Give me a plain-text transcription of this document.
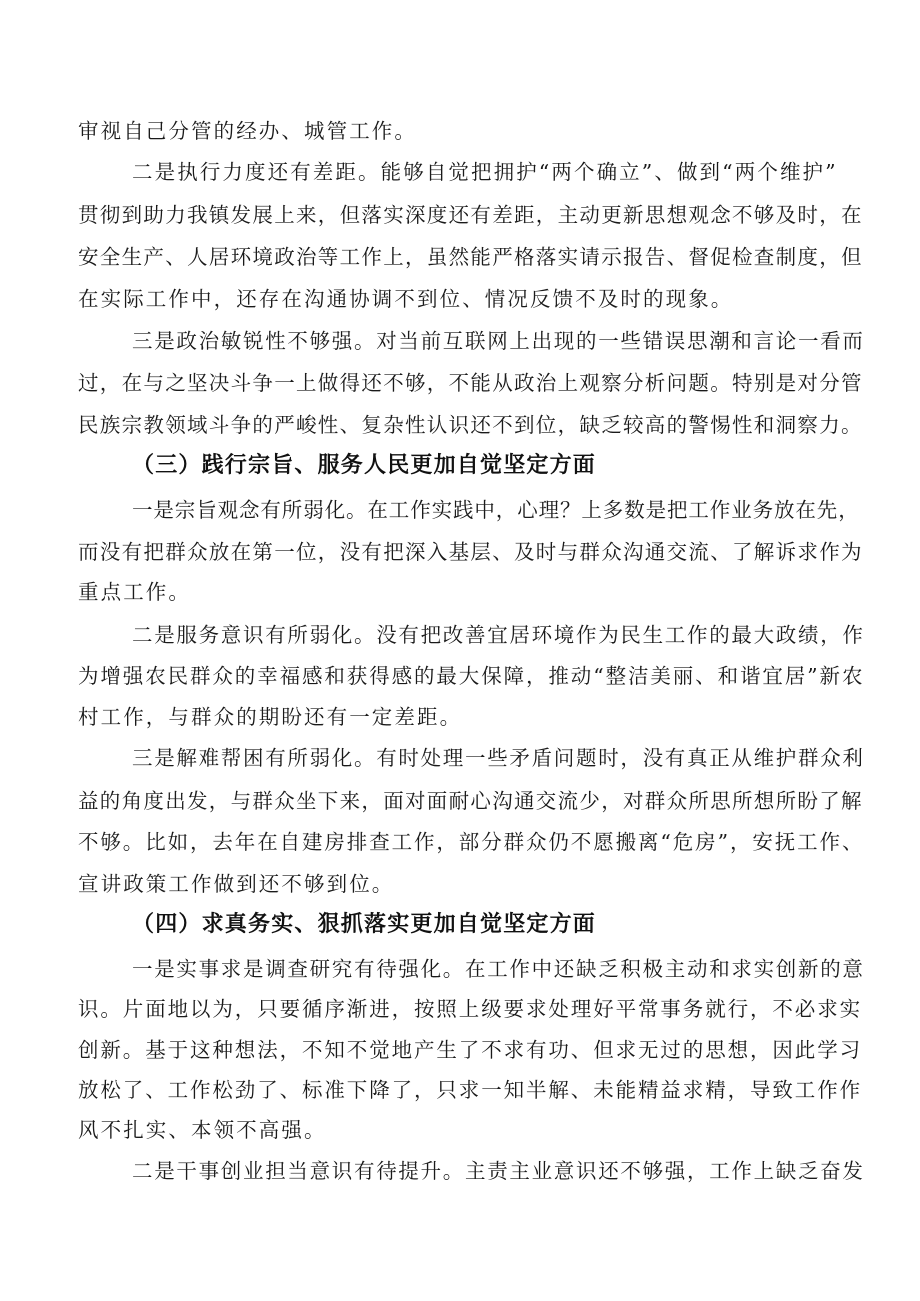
审视自己分管的经办、城管工作。
二是执行力度还有差距。能够自觉把拥护“两个确立”、做到“两个维护”
贯彻到助力我镇发展上来，但落实深度还有差距，主动更新思想观念不够及时，在
安全生产、人居环境政治等工作上，虽然能严格落实请示报告、督促检查制度，但
在实际工作中，还存在沟通协调不到位、情况反馈不及时的现象。
三是政治敏锐性不够强。对当前互联网上出现的一些错误思潮和言论一看而
过，在与之坚决斗争一上做得还不够，不能从政治上观察分析问题。特别是对分管
民族宗教领域斗争的严峻性、复杂性认识还不到位，缺乏较高的警惕性和洞察力。
（三）践行宗旨、服务人民更加自觉坚定方面
一是宗旨观念有所弱化。在工作实践中，心理？上多数是把工作业务放在先，
而没有把群众放在第一位，没有把深入基层、及时与群众沟通交流、了解诉求作为
重点工作。
二是服务意识有所弱化。没有把改善宜居环境作为民生工作的最大政绩，作
为增强农民群众的幸福感和获得感的最大保障，推动“整洁美丽、和谐宜居”新农
村工作，与群众的期盼还有一定差距。
三是解难帮困有所弱化。有时处理一些矛盾问题时，没有真正从维护群众利
益的角度出发，与群众坐下来，面对面耐心沟通交流少，对群众所思所想所盼了解
不够。比如，去年在自建房排查工作，部分群众仍不愿搬离“危房”，安抚工作、
宣讲政策工作做到还不够到位。
（四）求真务实、狠抓落实更加自觉坚定方面
一是实事求是调查研究有待强化。在工作中还缺乏积极主动和求实创新的意
识。片面地以为，只要循序渐进，按照上级要求处理好平常事务就行，不必求实
创新。基于这种想法，不知不觉地产生了不求有功、但求无过的思想，因此学习
放松了、工作松劲了、标准下降了，只求一知半解、未能精益求精，导致工作作
风不扎实、本领不高强。
二是干事创业担当意识有待提升。主责主业意识还不够强，工作上缺乏奋发
